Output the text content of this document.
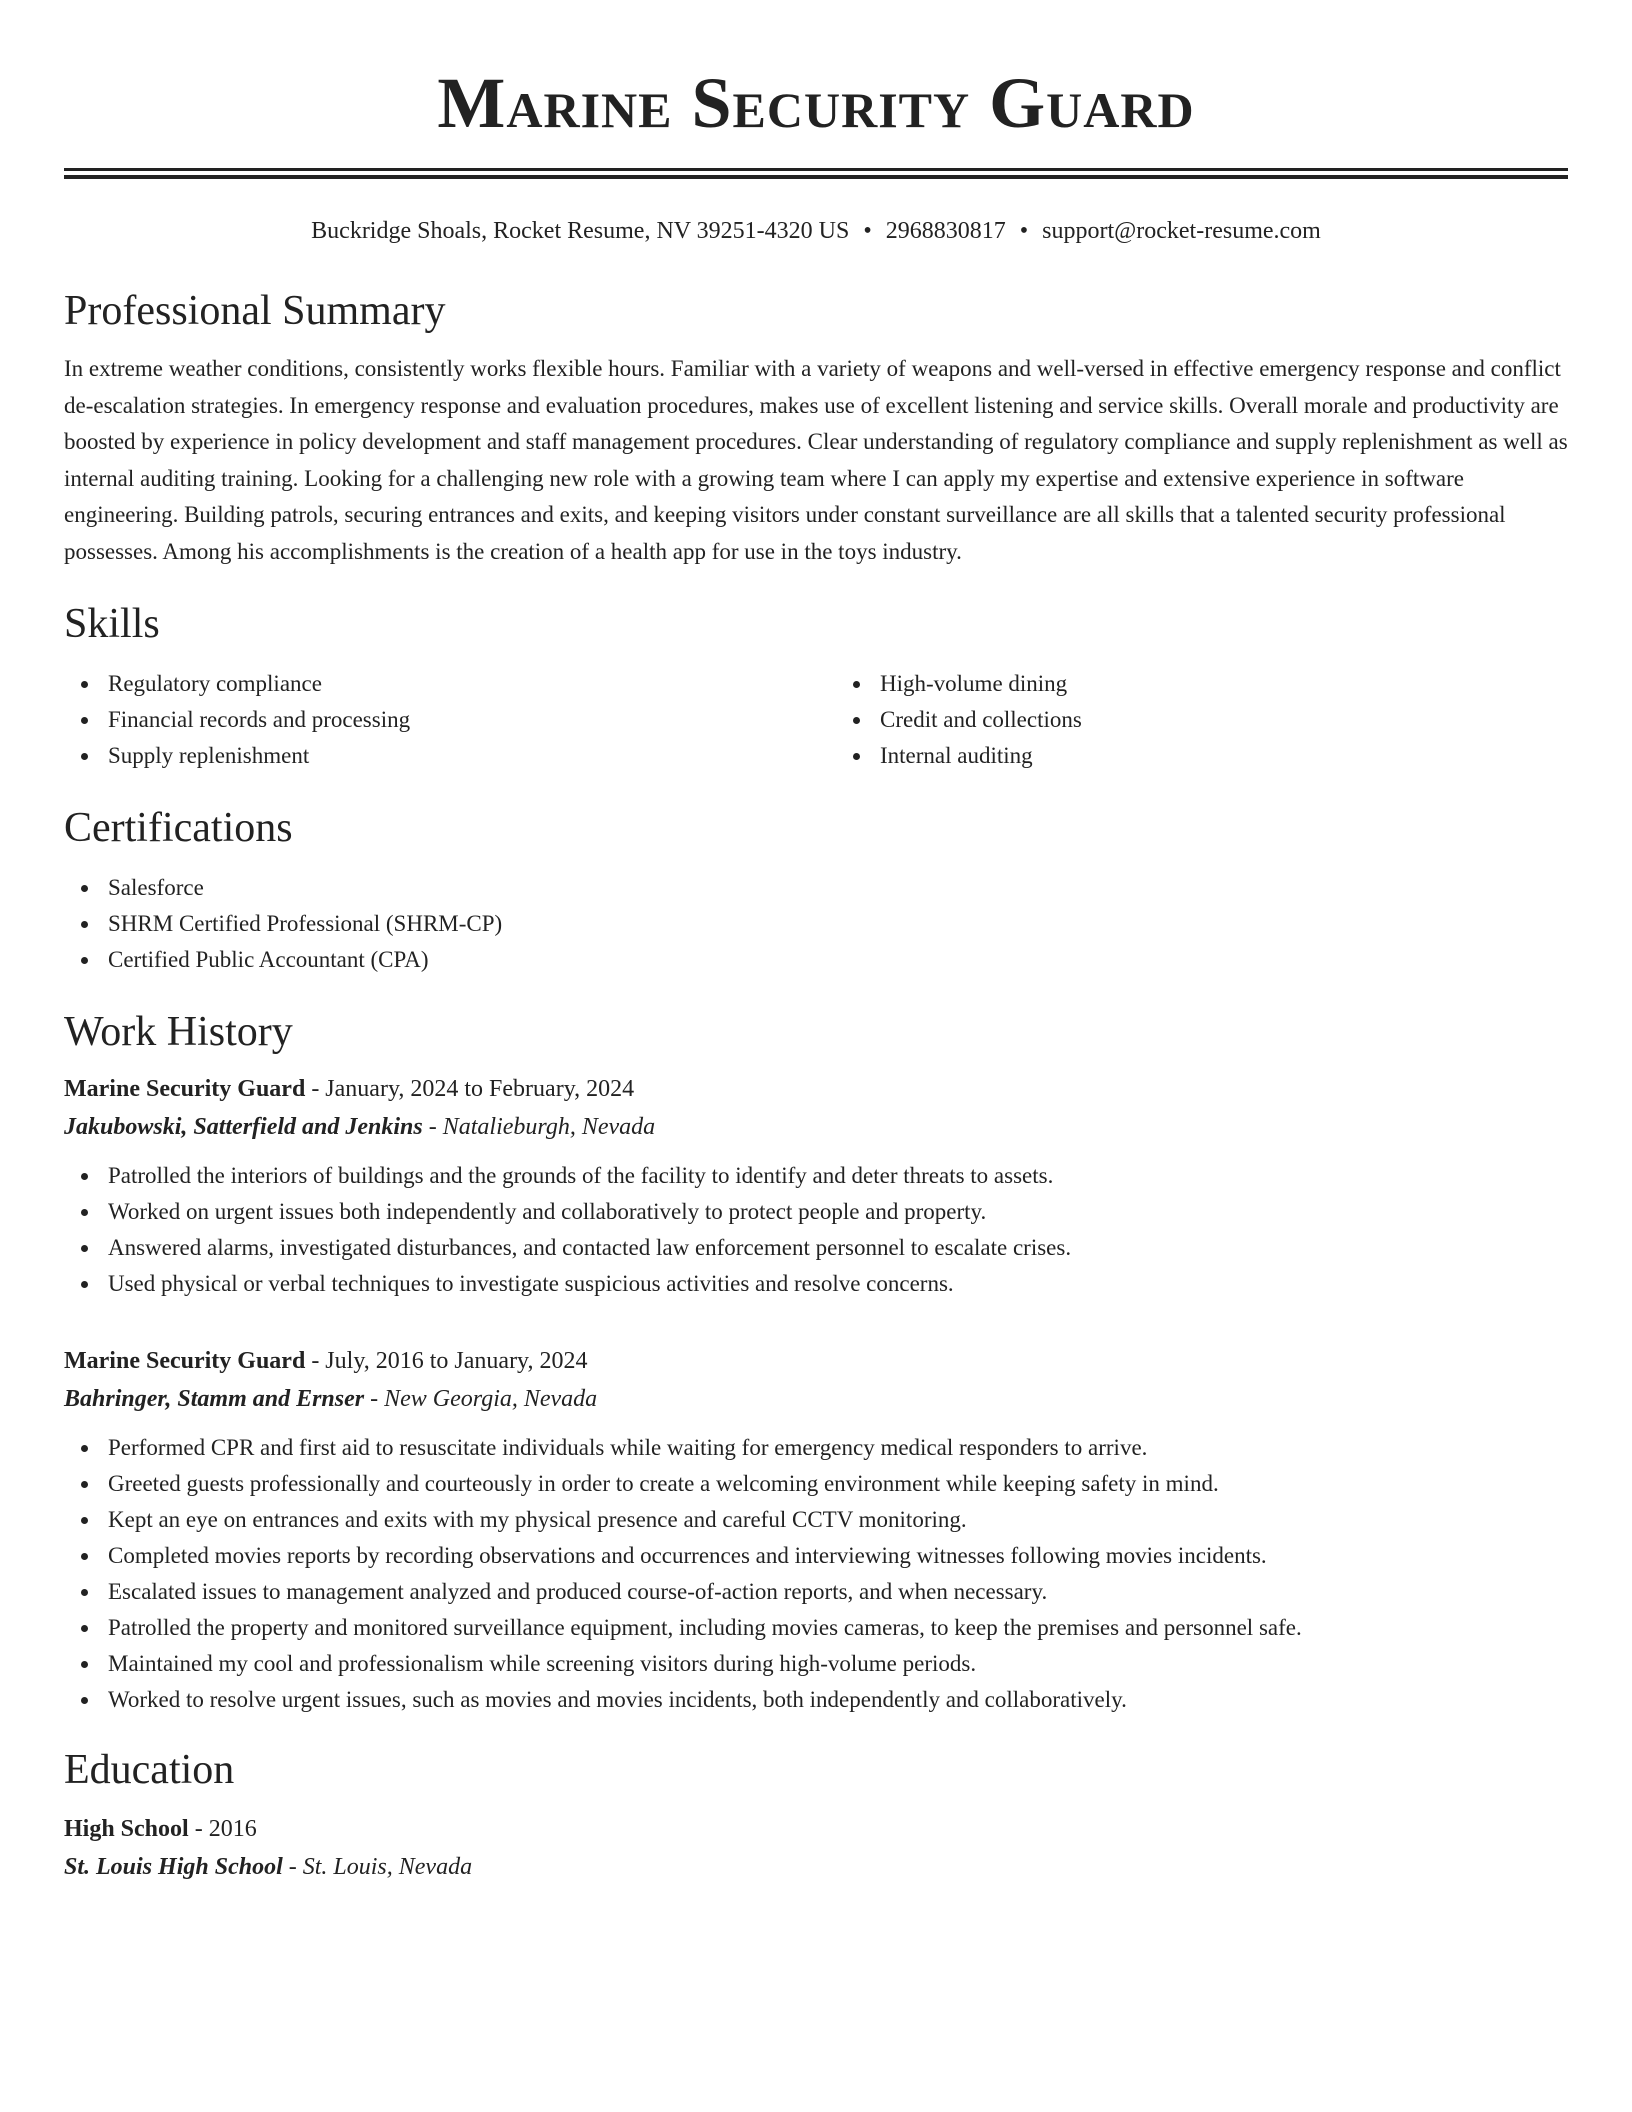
Marine Security Guard
Buckridge Shoals, Rocket Resume, NV 39251-4320 US • 2968830817 • support@rocket-resume.com
Professional Summary

In extreme weather conditions, consistently works flexible hours. Familiar with a variety of weapons and well-versed in effective emergency response and conflict de-escalation strategies. In emergency response and evaluation procedures, makes use of excellent listening and service skills. Overall morale and productivity are boosted by experience in policy development and staff management procedures. Clear understanding of regulatory compliance and supply replenishment as well as internal auditing training. Looking for a challenging new role with a growing team where I can apply my expertise and extensive experience in software engineering. Building patrols, securing entrances and exits, and keeping visitors under constant surveillance are all skills that a talented security professional possesses. Among his accomplishments is the creation of a health app for use in the toys industry.

Skills
Regulatory compliance
Financial records and processing
Supply replenishment
High-volume dining
Credit and collections
Internal auditing
Certifications
Salesforce
SHRM Certified Professional (SHRM-CP)
Certified Public Accountant (CPA)
Work History
Marine Security Guard - January, 2024 to February, 2024
Jakubowski, Satterfield and Jenkins - Natalieburgh, Nevada
Patrolled the interiors of buildings and the grounds of the facility to identify and deter threats to assets.
Worked on urgent issues both independently and collaboratively to protect people and property.
Answered alarms, investigated disturbances, and contacted law enforcement personnel to escalate crises.
Used physical or verbal techniques to investigate suspicious activities and resolve concerns.
Marine Security Guard - July, 2016 to January, 2024
Bahringer, Stamm and Ernser - New Georgia, Nevada
Performed CPR and first aid to resuscitate individuals while waiting for emergency medical responders to arrive.
Greeted guests professionally and courteously in order to create a welcoming environment while keeping safety in mind.
Kept an eye on entrances and exits with my physical presence and careful CCTV monitoring.
Completed movies reports by recording observations and occurrences and interviewing witnesses following movies incidents.
Escalated issues to management analyzed and produced course-of-action reports, and when necessary.
Patrolled the property and monitored surveillance equipment, including movies cameras, to keep the premises and personnel safe.
Maintained my cool and professionalism while screening visitors during high-volume periods.
Worked to resolve urgent issues, such as movies and movies incidents, both independently and collaboratively.
Education
High School - 2016
St. Louis High School - St. Louis, Nevada
